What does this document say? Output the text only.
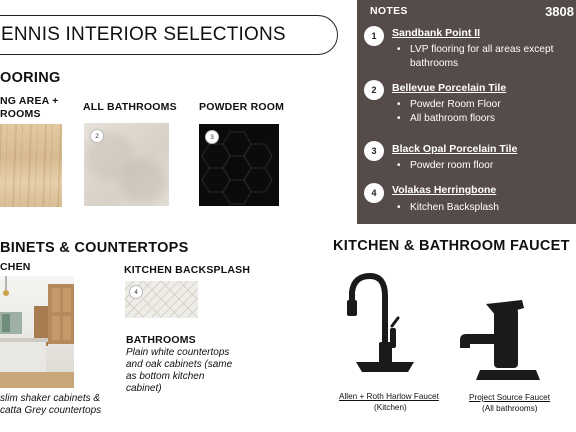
ENNIS INTERIOR SELECTIONS
OORING
NG AREA +
ROOMS
ALL BATHROOMS POWDER ROOM
2	3
NOTES	3808
1	Sandbank Point II
• LVP flooring for all areas except
bathrooms
2	Bellevue Porcelain Tile
• Powder Room Floor
• All bathroom floors
3	Black Opal Porcelain Tile
• Powder room floor
4	Volakas Herringbone
• Kitchen Backsplash
BINETS & COUNTERTOPS
CHEN	KITCHEN BACKSPLASH
4
BATHROOMS
Plain white countertops
and oak cabinets (same
as bottom kitchen
cabinet)
slim shaker cabinets &
catta Grey countertops
KITCHEN & BATHROOM FAUCET
Allen + Roth Harlow Faucet
(Kitchen)
Project Source Faucet
(All bathrooms)
